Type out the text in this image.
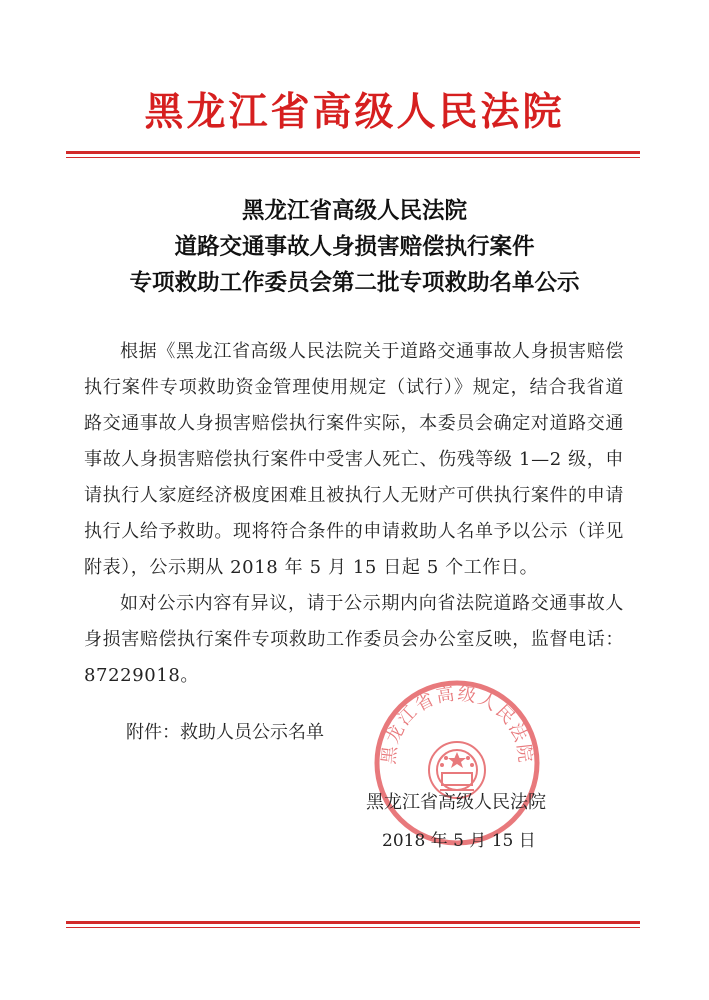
黑龙江省高级人民法院
黑龙江省高级人民法院
道路交通事故人身损害赔偿执行案件
专项救助工作委员会第二批专项救助名单公示

根据《黑龙江省高级人民法院关于道路交通事故人身损害赔偿执行案件专项救助资金管理使用规定（试行）》规定，结合我省道路交通事故人身损害赔偿执行案件实际，本委员会确定对道路交通事故人身损害赔偿执行案件中受害人死亡、伤残等级 1—2 级，申请执行人家庭经济极度困难且被执行人无财产可供执行案件的申请执行人给予救助。现将符合条件的申请救助人名单予以公示（详见附表），公示期从 2018 年 5 月 15 日起 5 个工作日。

如对公示内容有异议，请于公示期内向省法院道路交通事故人身损害赔偿执行案件专项救助工作委员会办公室反映，监督电话：87229018。

附件：救助人员公示名单
黑龙江省高级人民法院
黑龙江省高级人民法院
2018 年 5 月 15 日
